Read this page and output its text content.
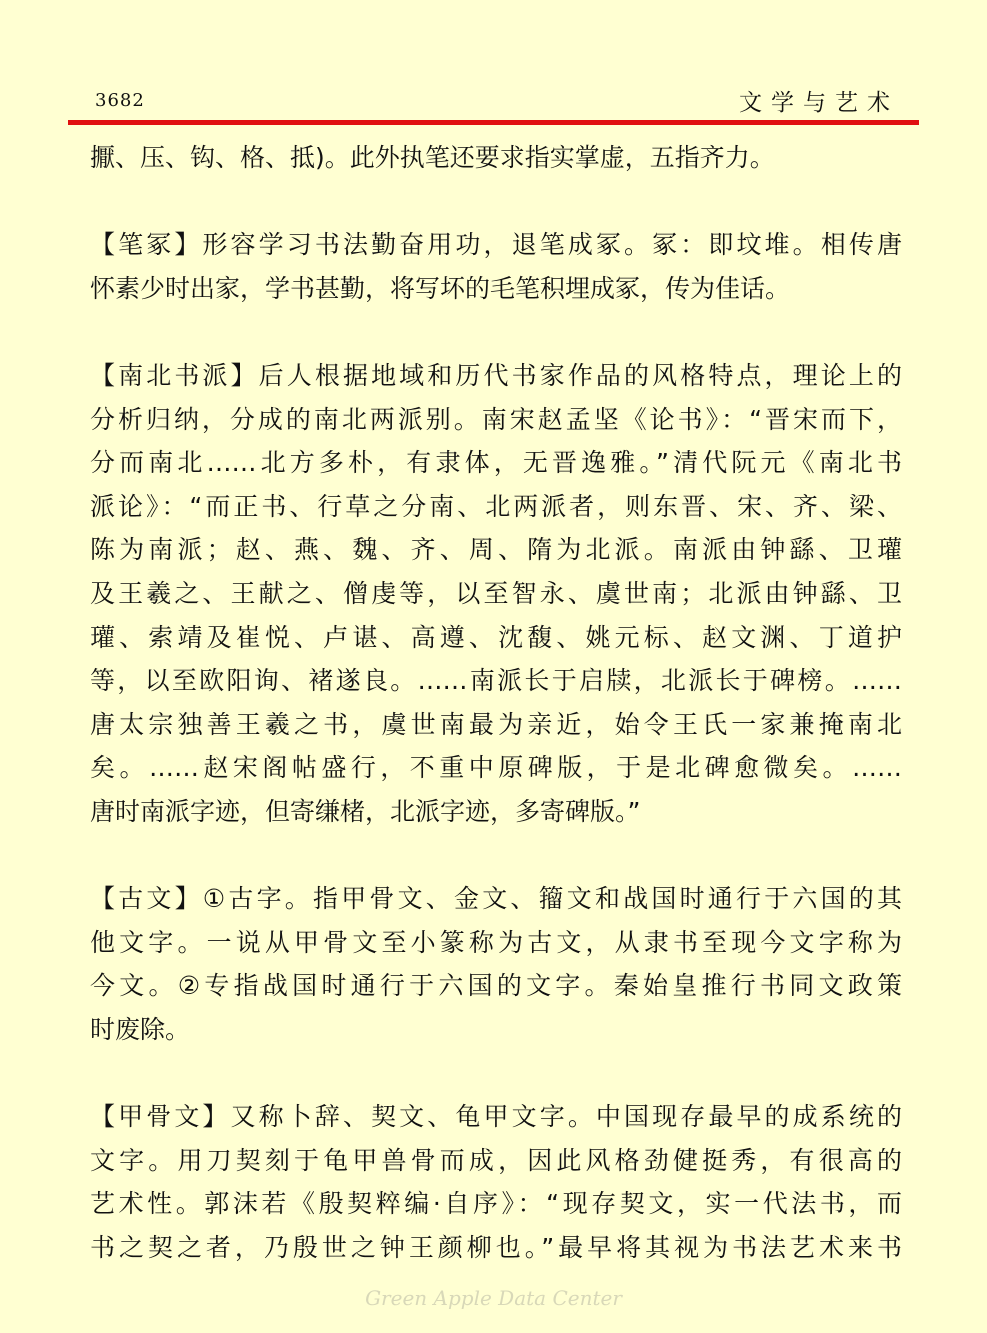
3682	文学与艺术
擫、压、钩、格、抵)。此外执笔还要求指实掌虚，五指齐力。
【笔冢】形容学习书法勤奋用功，退笔成冢。冢：即坟堆。相传唐
怀素少时出家，学书甚勤，将写坏的毛笔积埋成冢，传为佳话。
【南北书派】后人根据地域和历代书家作品的风格特点，理论上的
分析归纳，分成的南北两派别。南宋赵孟坚《论书》：“晋宋而下，
分而南北……北方多朴，有隶体，无晋逸雅。”清代阮元《南北书
派论》：“而正书、行草之分南、北两派者，则东晋、宋、齐、梁、
陈为南派；赵、燕、魏、齐、周、隋为北派。南派由钟繇、卫瓘
及王羲之、王献之、僧虔等，以至智永、虞世南；北派由钟繇、卫
瓘、索靖及崔悦、卢谌、高遵、沈馥、姚元标、赵文渊、丁道护
等，以至欧阳询、褚遂良。……南派长于启牍，北派长于碑榜。……
唐太宗独善王羲之书，虞世南最为亲近，始令王氏一家兼掩南北
矣。……赵宋阁帖盛行，不重中原碑版，于是北碑愈微矣。……
唐时南派字迹，但寄缣楮，北派字迹，多寄碑版。”
【古文】①古字。指甲骨文、金文、籀文和战国时通行于六国的其
他文字。一说从甲骨文至小篆称为古文，从隶书至现今文字称为
今文。②专指战国时通行于六国的文字。秦始皇推行书同文政策
时废除。
【甲骨文】又称卜辞、契文、龟甲文字。中国现存最早的成系统的
文字。用刀契刻于龟甲兽骨而成，因此风格劲健挺秀，有很高的
艺术性。郭沫若《殷契粹编·自序》：“现存契文，实一代法书，而
书之契之者，乃殷世之钟王颜柳也。”最早将其视为书法艺术来书
Green Apple Data Center
